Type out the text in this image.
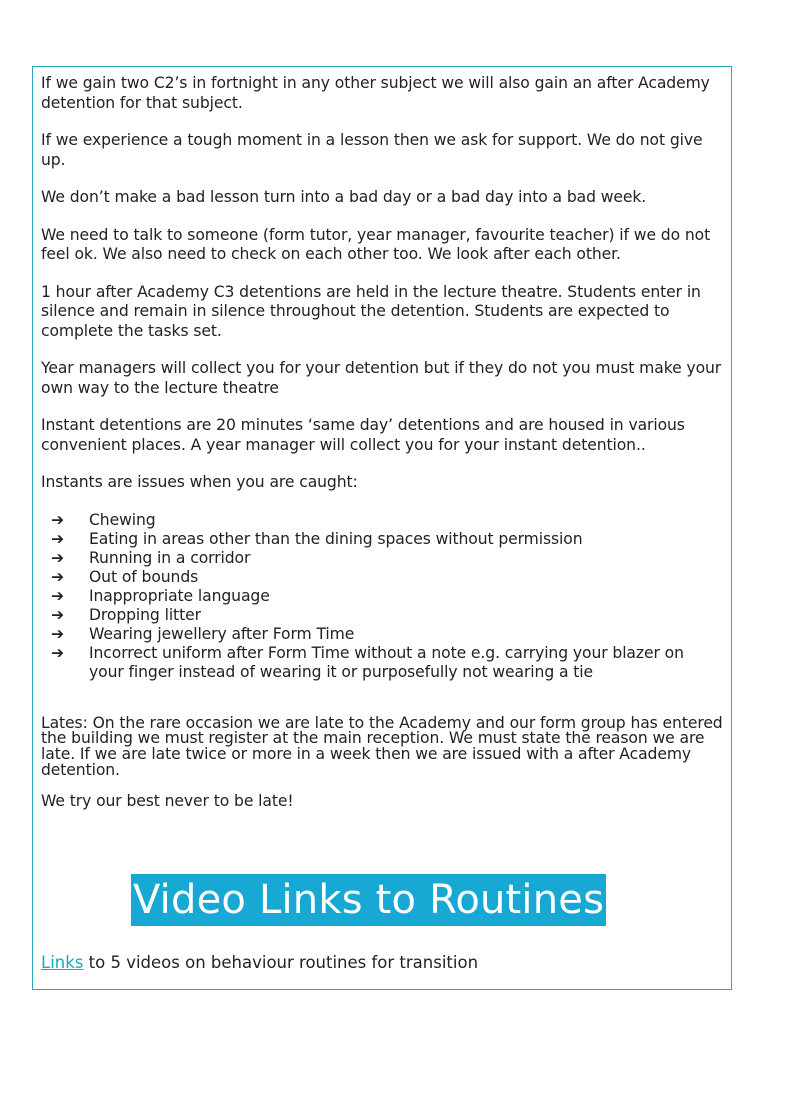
If we gain two C2’s in fortnight in any other subject we will also gain an after Academy detention for that subject.

If we experience a tough moment in a lesson then we ask for support. We do not give up.

We don’t make a bad lesson turn into a bad day or a bad day into a bad week.

We need to talk to someone (form tutor, year manager, favourite teacher) if we do not feel ok. We also need to check on each other too. We look after each other.

1 hour after Academy C3 detentions are held in the lecture theatre. Students enter in silence and remain in silence throughout the detention. Students are expected to complete the tasks set.

Year managers will collect you for your detention but if they do not you must make your own way to the lecture theatre

Instant detentions are 20 minutes ‘same day’ detentions and are housed in various convenient places. A year manager will collect you for your instant detention..

Instants are issues when you are caught:

➔ Chewing
➔ Eating in areas other than the dining spaces without permission
➔ Running in a corridor
➔ Out of bounds
➔ Inappropriate language
➔ Dropping litter
➔ Wearing jewellery after Form Time
➔ Incorrect uniform after Form Time without a note e.g. carrying your blazer on your finger instead of wearing it or purposefully not wearing a tie

Lates: On the rare occasion we are late to the Academy and our form group has entered the building we must register at the main reception. We must state the reason we are late. If we are late twice or more in a week then we are issued with a after Academy detention.

We try our best never to be late!

Video Links to Routines
Links to 5 videos on behaviour routines for transition
